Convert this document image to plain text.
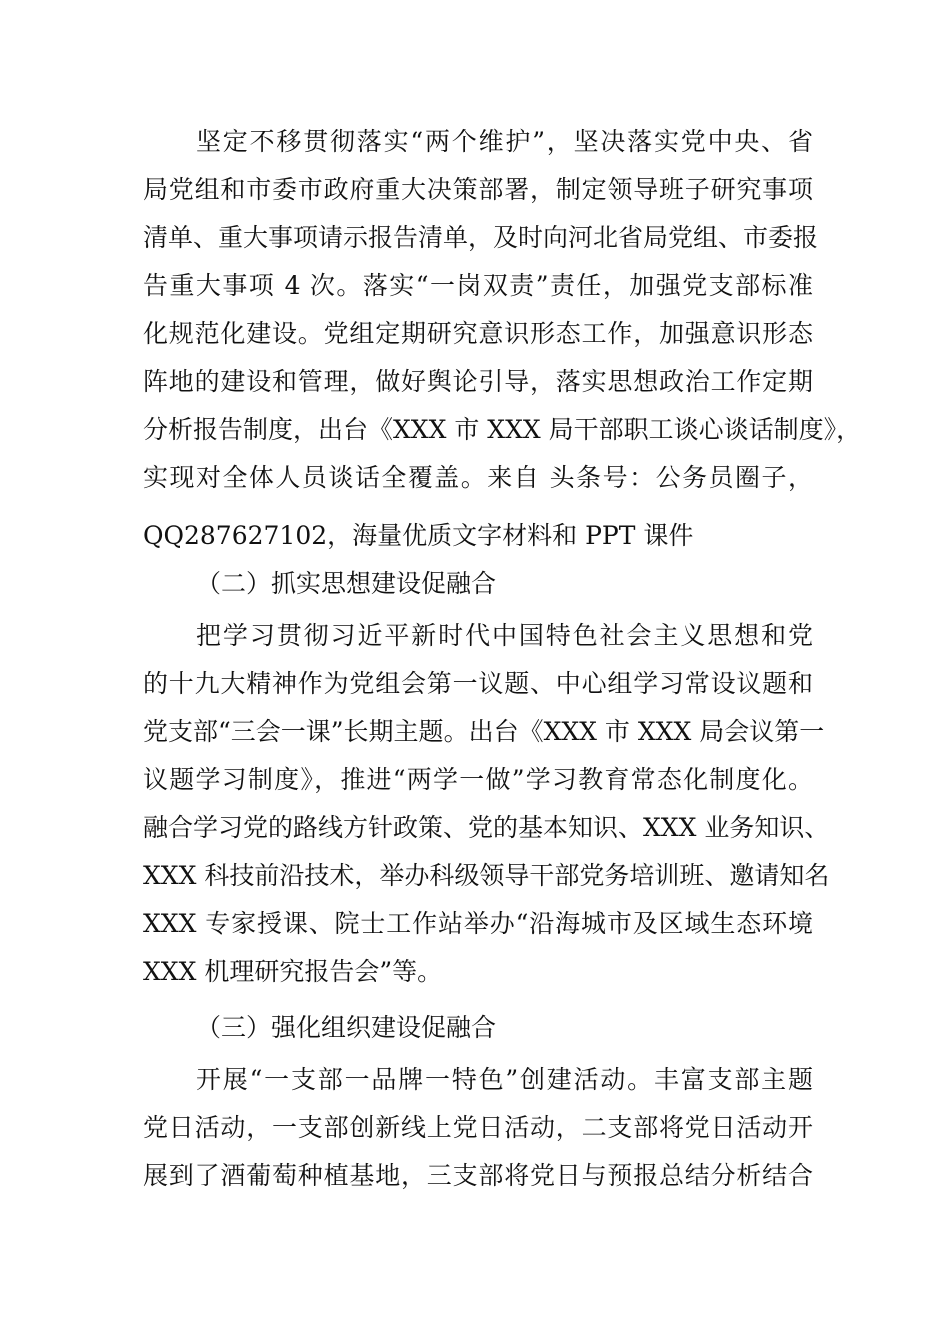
坚定不移贯彻落实“两个维护”，坚决落实党中央、省
局党组和市委市政府重大决策部署，制定领导班子研究事项
清单、重大事项请示报告清单，及时向河北省局党组、市委报
告重大事项 4 次。落实“一岗双责”责任，加强党支部标准
化规范化建设。党组定期研究意识形态工作，加强意识形态
阵地的建设和管理，做好舆论引导，落实思想政治工作定期
分析报告制度，出台《XXX 市 XXX 局干部职工谈心谈话制度》，
实现对全体人员谈话全覆盖。来自 头条号：公务员圈子，
QQ287627102，海量优质文字材料和 PPT 课件
（二）抓实思想建设促融合
把学习贯彻习近平新时代中国特色社会主义思想和党
的十九大精神作为党组会第一议题、中心组学习常设议题和
党支部“三会一课”长期主题。出台《XXX 市 XXX 局会议第一
议题学习制度》，推进“两学一做”学习教育常态化制度化。
融合学习党的路线方针政策、党的基本知识、XXX 业务知识、
XXX 科技前沿技术，举办科级领导干部党务培训班、邀请知名
XXX 专家授课、院士工作站举办“沿海城市及区域生态环境
XXX 机理研究报告会”等。
（三）强化组织建设促融合
开展“一支部一品牌一特色”创建活动。丰富支部主题
党日活动，一支部创新线上党日活动，二支部将党日活动开
展到了酒葡萄种植基地，三支部将党日与预报总结分析结合
